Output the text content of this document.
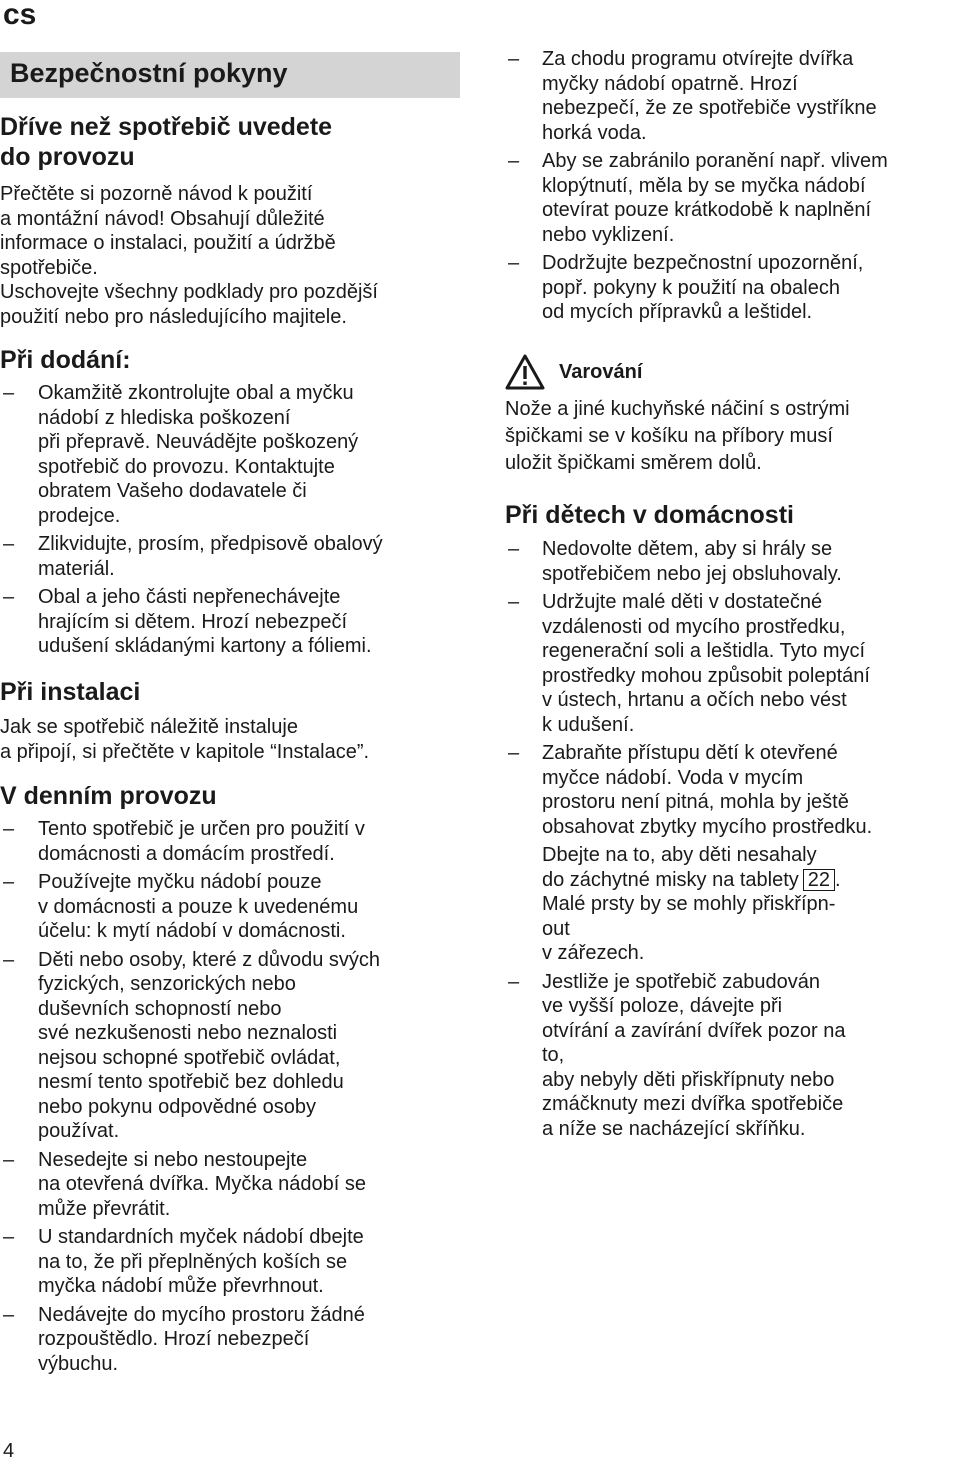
cs
Bezpečnostní pokyny
Dříve než spotřebič uvedete
do provozu

Přečtěte si pozorně návod k použití
a montážní návod! Obsahují důležité
informace o instalaci, použití a údržbě
spotřebiče.

Uschovejte všechny podklady pro pozdější
použití nebo pro následujícího majitele.

Při dodání:
– Okamžitě zkontrolujte obal a myčku
nádobí z hlediska poškození
při přepravě. Neuvádějte poškozený
spotřebič do provozu. Kontaktujte
obratem Vašeho dodavatele či
prodejce.
– Zlikvidujte, prosím, předpisově obalový
materiál.
– Obal a jeho části nepřenechávejte
hrajícím si dětem. Hrozí nebezpečí
udušení skládanými kartony a fóliemi.
Při instalaci

Jak se spotřebič náležitě instaluje
a připojí, si přečtěte v kapitole “Instalace”.

V denním provozu
– Tento spotřebič je určen pro použití v
domácnosti a domácím prostředí.
– Používejte myčku nádobí pouze
v domácnosti a pouze k uvedenému
účelu: k mytí nádobí v domácnosti.
– Děti nebo osoby, které z důvodu svých
fyzických, senzorických nebo
duševních schopností nebo
své nezkušenosti nebo neznalosti
nejsou schopné spotřebič ovládat,
nesmí tento spotřebič bez dohledu
nebo pokynu odpovědné osoby
používat.
– Nesedejte si nebo nestoupejte
na otevřená dvířka. Myčka nádobí se
může převrátit.
– U standardních myček nádobí dbejte
na to, že při přeplněných koších se
myčka nádobí může převrhnout.
– Nedávejte do mycího prostoru žádné
rozpouštědlo. Hrozí nebezpečí
výbuchu.
– Za chodu programu otvírejte dvířka
myčky nádobí opatrně. Hrozí
nebezpečí, že ze spotřebiče vystříkne
horká voda.
– Aby se zabránilo poranění např. vlivem
klopýtnutí, měla by se myčka nádobí
otevírat pouze krátkodobě k naplnění
nebo vyklizení.
– Dodržujte bezpečnostní upozornění,
popř. pokyny k použití na obalech
od mycích přípravků a leštidel.
Varování

Nože a jiné kuchyňské náčiní s ostrými
špičkami se v košíku na příbory musí
uložit špičkami směrem dolů.

Při dětech v domácnosti
– Nedovolte dětem, aby si hrály se
spotřebičem nebo jej obsluhovaly.
– Udržujte malé děti v dostatečné
vzdálenosti od mycího prostředku,
regenerační soli a leštidla. Tyto mycí
prostředky mohou způsobit poleptání
v ústech, hrtanu a očích nebo vést
k udušení.
– Zabraňte přístupu dětí k otevřené
myčce nádobí. Voda v mycím
prostoru není pitná, mohla by ještě
obsahovat zbytky mycího prostředku.
Dbejte na to, aby děti nesahaly
do záchytné misky na tablety 22 .
Malé prsty by se mohly přiskřípn-
out
v zářezech.
– Jestliže je spotřebič zabudován
ve vyšší poloze, dávejte při
otvírání a zavírání dvířek pozor na
to,
aby nebyly děti přiskřípnuty nebo
zmáčknuty mezi dvířka spotřebiče
a níže se nacházející skříňku.
4
